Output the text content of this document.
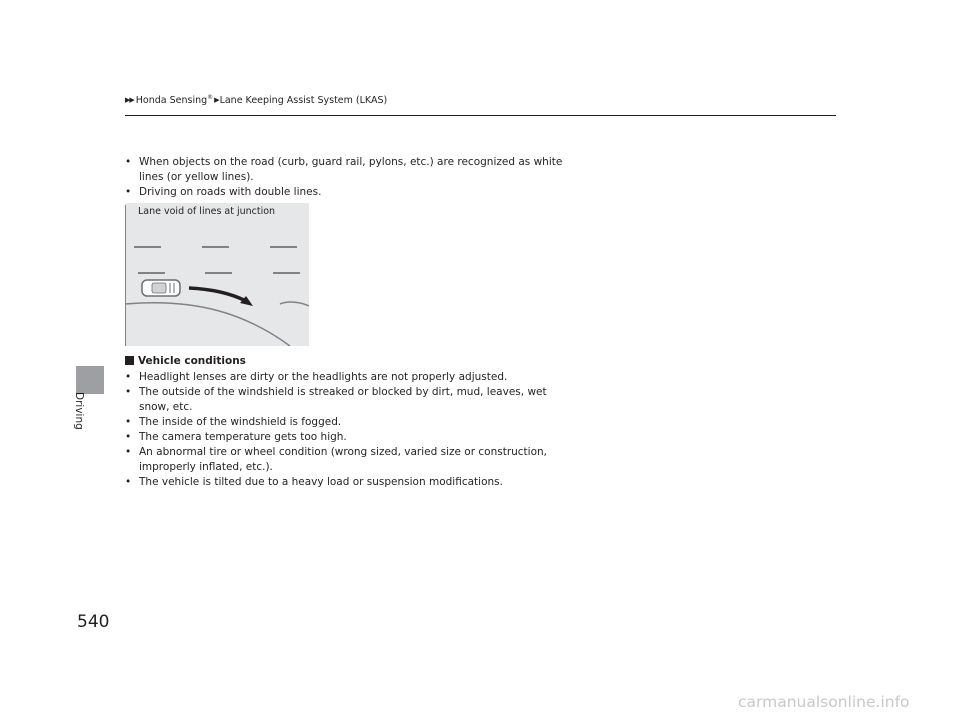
▶▶ Honda Sensing®▶Lane Keeping Assist System (LKAS)
Driving
• When objects on the road (curb, guard rail, pylons, etc.) are recognized as white lines (or yellow lines).
• Driving on roads with double lines.
Lane void of lines at junction
Vehicle conditions
• Headlight lenses are dirty or the headlights are not properly adjusted.
• The outside of the windshield is streaked or blocked by dirt, mud, leaves, wet snow, etc.
• The inside of the windshield is fogged.
• The camera temperature gets too high.
• An abnormal tire or wheel condition (wrong sized, varied size or construction, improperly inflated, etc.).
• The vehicle is tilted due to a heavy load or suspension modifications.
540
carmanualsonline.info
